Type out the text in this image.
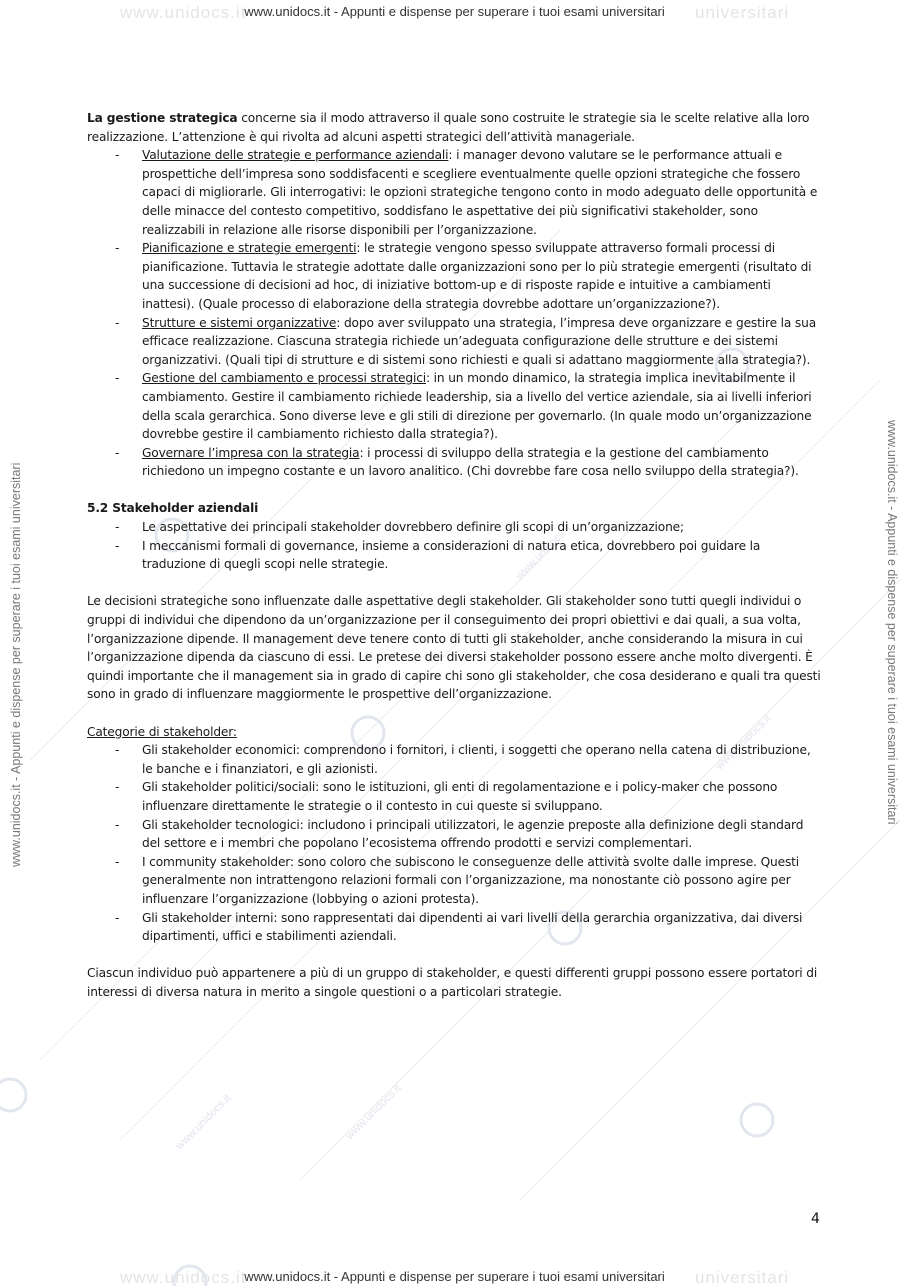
www.unidocs.it
www.unidocs.it
www.unidocs.it
www.unidocs.it
www.unidocs.it	universitari
www.unidocs.it - Appunti e dispense per superare i tuoi esami universitari
www.unidocs.it - Appunti e dispense per superare i tuoi esami universitari	www.unidocs.it - Appunti e dispense per superare i tuoi esami universitari

La gestione strategica concerne sia il modo attraverso il quale sono costruite le strategie sia le scelte relative alla loro realizzazione. L’attenzione è qui rivolta ad alcuni aspetti strategici dell’attività manageriale.

- Valutazione delle strategie e performance aziendali: i manager devono valutare se le performance attuali e prospettiche dell’impresa sono soddisfacenti e scegliere eventualmente quelle opzioni strategiche che fossero capaci di migliorarle. Gli interrogativi: le opzioni strategiche tengono conto in modo adeguato delle opportunità e delle minacce del contesto competitivo, soddisfano le aspettative dei più significativi stakeholder, sono realizzabili in relazione alle risorse disponibili per l’organizzazione.
- Pianificazione e strategie emergenti: le strategie vengono spesso sviluppate attraverso formali processi di pianificazione. Tuttavia le strategie adottate dalle organizzazioni sono per lo più strategie emergenti (risultato di una successione di decisioni ad hoc, di iniziative bottom-up e di risposte rapide e intuitive a cambiamenti inattesi). (Quale processo di elaborazione della strategia dovrebbe adottare un’organizzazione?).
- Strutture e sistemi organizzative: dopo aver sviluppato una strategia, l’impresa deve organizzare e gestire la sua efficace realizzazione. Ciascuna strategia richiede un’adeguata configurazione delle strutture e dei sistemi organizzativi. (Quali tipi di strutture e di sistemi sono richiesti e quali si adattano maggiormente alla strategia?).
- Gestione del cambiamento e processi strategici: in un mondo dinamico, la strategia implica inevitabilmente il cambiamento. Gestire il cambiamento richiede leadership, sia a livello del vertice aziendale, sia ai livelli inferiori della scala gerarchica. Sono diverse leve e gli stili di direzione per governarlo. (In quale modo un’organizzazione dovrebbe gestire il cambiamento richiesto dalla strategia?).
- Governare l’impresa con la strategia: i processi di sviluppo della strategia e la gestione del cambiamento richiedono un impegno costante e un lavoro analitico. (Chi dovrebbe fare cosa nello sviluppo della strategia?).

5.2 Stakeholder aziendali

- Le aspettative dei principali stakeholder dovrebbero definire gli scopi di un’organizzazione;
- I meccanismi formali di governance, insieme a considerazioni di natura etica, dovrebbero poi guidare la traduzione di quegli scopi nelle strategie.

Le decisioni strategiche sono influenzate dalle aspettative degli stakeholder. Gli stakeholder sono tutti quegli individui o gruppi di individui che dipendono da un’organizzazione per il conseguimento dei propri obiettivi e dai quali, a sua volta, l’organizzazione dipende. Il management deve tenere conto di tutti gli stakeholder, anche considerando la misura in cui l’organizzazione dipenda da ciascuno di essi. Le pretese dei diversi stakeholder possono essere anche molto divergenti. È quindi importante che il management sia in grado di capire chi sono gli stakeholder, che cosa desiderano e quali tra questi sono in grado di influenzare maggiormente le prospettive dell’organizzazione.

Categorie di stakeholder:

- Gli stakeholder economici: comprendono i fornitori, i clienti, i soggetti che operano nella catena di distribuzione, le banche e i finanziatori, e gli azionisti.
- Gli stakeholder politici/sociali: sono le istituzioni, gli enti di regolamentazione e i policy-maker che possono influenzare direttamente le strategie o il contesto in cui queste si sviluppano.
- Gli stakeholder tecnologici: includono i principali utilizzatori, le agenzie preposte alla definizione degli standard del settore e i membri che popolano l’ecosistema offrendo prodotti e servizi complementari.
- I community stakeholder: sono coloro che subiscono le conseguenze delle attività svolte dalle imprese. Questi generalmente non intrattengono relazioni formali con l’organizzazione, ma nonostante ciò possono agire per influenzare l’organizzazione (lobbying o azioni protesta).
- Gli stakeholder interni: sono rappresentati dai dipendenti ai vari livelli della gerarchia organizzativa, dai diversi dipartimenti, uffici e stabilimenti aziendali.

Ciascun individuo può appartenere a più di un gruppo di stakeholder, e questi differenti gruppi possono essere portatori di interessi di diversa natura in merito a singole questioni o a particolari strategie.

4
www.unidocs.it	universitari
www.unidocs.it - Appunti e dispense per superare i tuoi esami universitari
